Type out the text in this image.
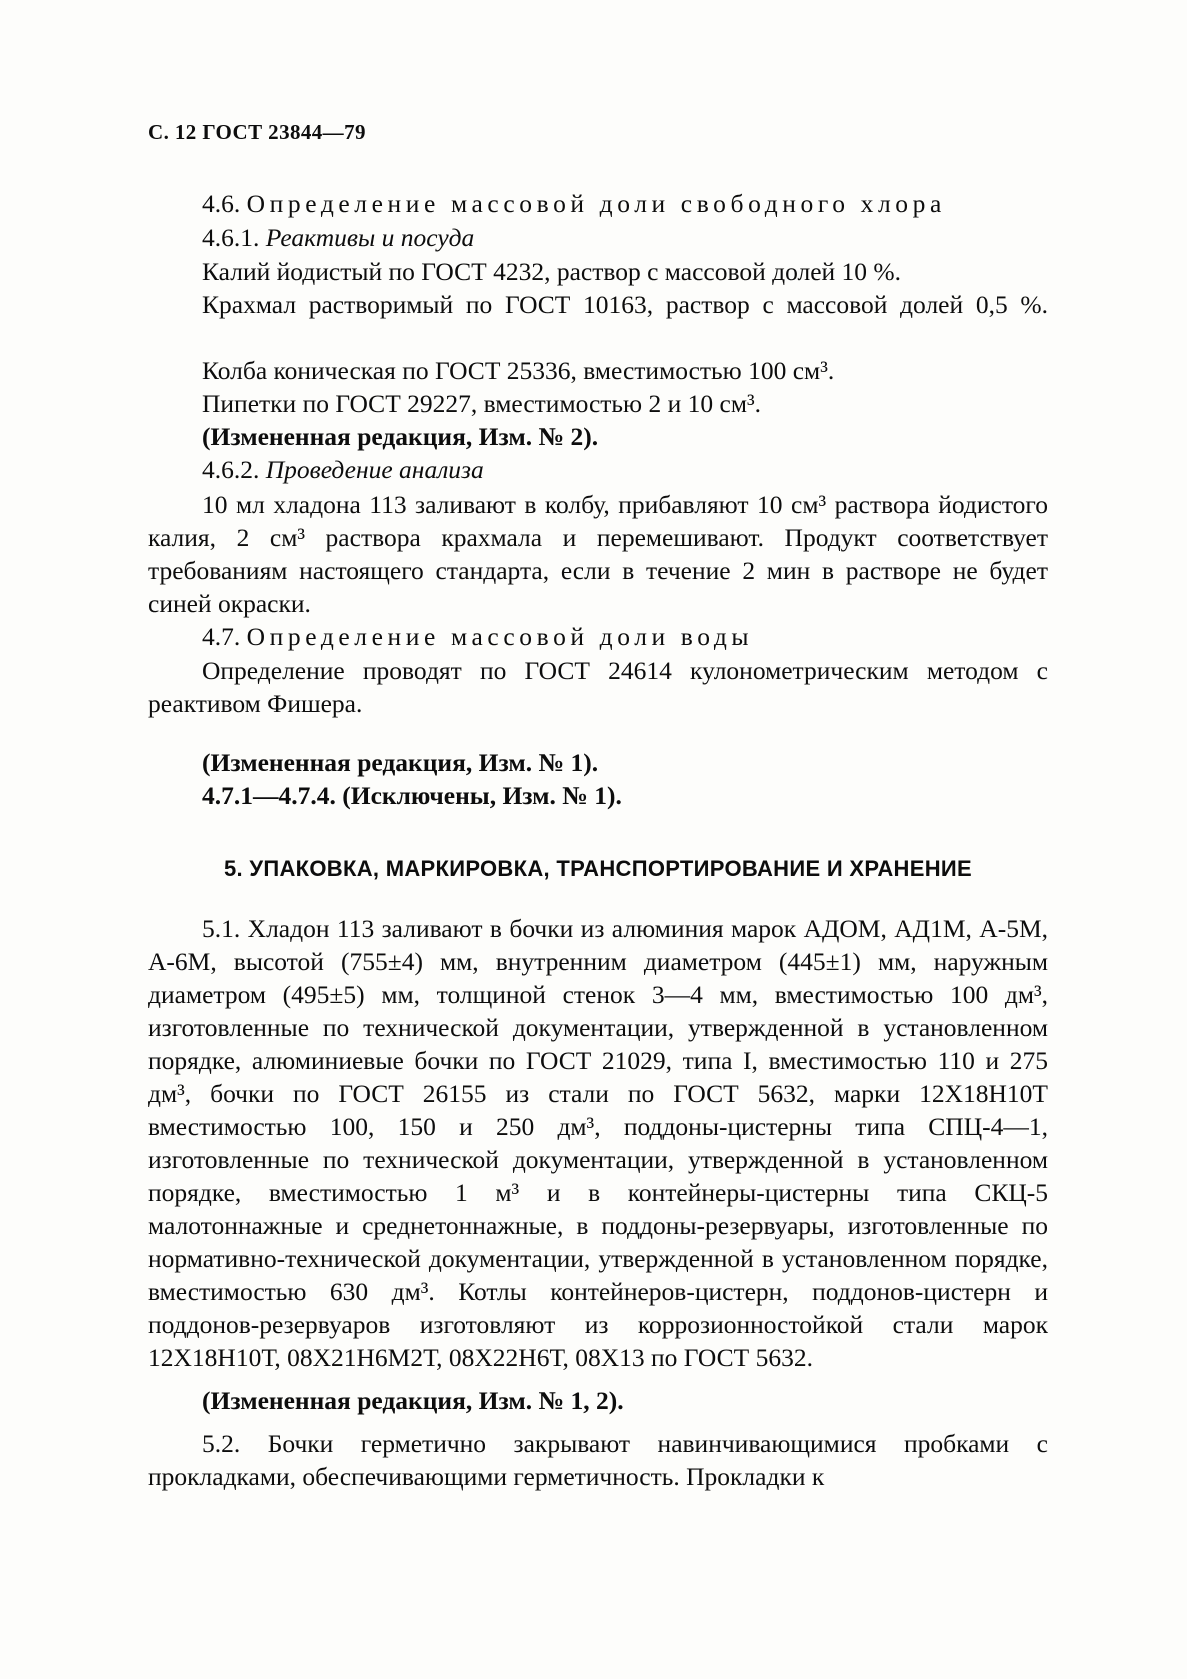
С. 12 ГОСТ 23844—79
4.6. Определение массовой доли свободного хлора
4.6.1. Реактивы и посуда
Калий йодистый по ГОСТ 4232, раствор с массовой долей 10 %.
Крахмал растворимый по ГОСТ 10163, раствор с массовой долей 0,5 %.
Колба коническая по ГОСТ 25336, вместимостью 100 см³.
Пипетки по ГОСТ 29227, вместимостью 2 и 10 см³.
(Измененная редакция, Изм. № 2).
4.6.2. Проведение анализа
10 мл хладона 113 заливают в колбу, прибавляют 10 см³ раствора йодистого калия, 2 см³ раствора крахмала и перемешивают. Продукт соответствует требованиям настоящего стандарта, если в течение 2 мин в растворе не будет синей окраски.
4.7. Определение массовой доли воды
Определение проводят по ГОСТ 24614 кулонометрическим методом с реактивом Фишера.
(Измененная редакция, Изм. № 1).
4.7.1—4.7.4. (Исключены, Изм. № 1).
5. УПАКОВКА, МАРКИРОВКА, ТРАНСПОРТИРОВАНИЕ И ХРАНЕНИЕ
5.1. Хладон 113 заливают в бочки из алюминия марок АДОМ, АД1М, А-5М, А-6М, высотой (755±4) мм, внутренним диаметром (445±1) мм, наружным диаметром (495±5) мм, толщиной стенок 3—4 мм, вместимостью 100 дм³, изготовленные по технической документации, утвержденной в установленном порядке, алюминиевые бочки по ГОСТ 21029, типа I, вместимостью 110 и 275 дм³, бочки по ГОСТ 26155 из стали по ГОСТ 5632, марки 12Х18Н10Т вместимостью 100, 150 и 250 дм³, поддоны-цистерны типа СПЦ-4—1, изготовленные по технической документации, утвержденной в установленном порядке, вместимостью 1 м³ и в контейнеры-цистерны типа СКЦ-5 малотоннажные и среднетоннажные, в поддоны-резервуары, изготовленные по нормативно-технической документации, утвержденной в установленном порядке, вместимостью 630 дм³. Котлы контейнеров-цистерн, поддонов-цистерн и поддонов-резервуаров изготовляют из коррозионностойкой стали марок 12Х18Н10Т, 08Х21Н6М2Т, 08Х22Н6Т, 08Х13 по ГОСТ 5632.
(Измененная редакция, Изм. № 1, 2).
5.2. Бочки герметично закрывают навинчивающимися пробками с прокладками, обеспечивающими герметичность. Прокладки к
